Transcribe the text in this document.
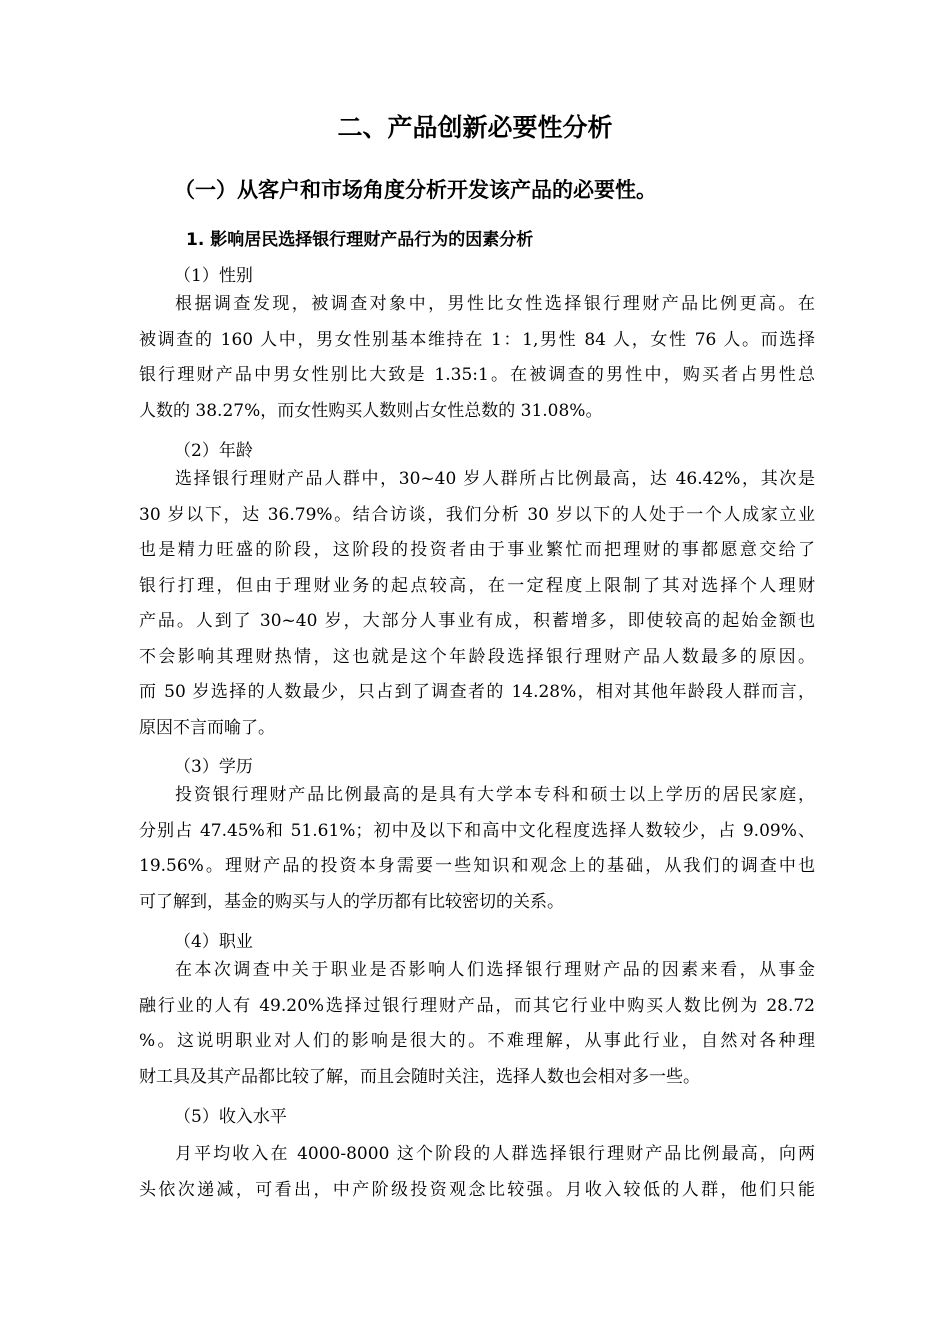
二、产品创新必要性分析
（一）从客户和市场角度分析开发该产品的必要性。
1. 影响居民选择银行理财产品行为的因素分析
（1）性别
根据调查发现，被调查对象中，男性比女性选择银行理财产品比例更高。在
被调查的 160 人中，男女性别基本维持在 1：1,男性 84 人，女性 76 人。而选择
银行理财产品中男女性别比大致是 1.35:1。在被调查的男性中，购买者占男性总
人数的 38.27%，而女性购买人数则占女性总数的 31.08%。
（2）年龄
选择银行理财产品人群中，30~40 岁人群所占比例最高，达 46.42%，其次是
30 岁以下，达 36.79%。结合访谈，我们分析 30 岁以下的人处于一个人成家立业
也是精力旺盛的阶段，这阶段的投资者由于事业繁忙而把理财的事都愿意交给了
银行打理，但由于理财业务的起点较高，在一定程度上限制了其对选择个人理财
产品。人到了 30~40 岁，大部分人事业有成，积蓄增多，即使较高的起始金额也
不会影响其理财热情，这也就是这个年龄段选择银行理财产品人数最多的原因。
而 50 岁选择的人数最少，只占到了调查者的 14.28%，相对其他年龄段人群而言，
原因不言而喻了。
（3）学历
投资银行理财产品比例最高的是具有大学本专科和硕士以上学历的居民家庭，
分别占 47.45%和 51.61%；初中及以下和高中文化程度选择人数较少，占 9.09%、
19.56%。理财产品的投资本身需要一些知识和观念上的基础，从我们的调查中也
可了解到，基金的购买与人的学历都有比较密切的关系。
（4）职业
在本次调查中关于职业是否影响人们选择银行理财产品的因素来看，从事金
融行业的人有 49.20%选择过银行理财产品，而其它行业中购买人数比例为 28.72
%。这说明职业对人们的影响是很大的。不难理解，从事此行业，自然对各种理
财工具及其产品都比较了解，而且会随时关注，选择人数也会相对多一些。
（5）收入水平
月平均收入在 4000-8000 这个阶段的人群选择银行理财产品比例最高，向两
头依次递减，可看出，中产阶级投资观念比较强。月收入较低的人群，他们只能
